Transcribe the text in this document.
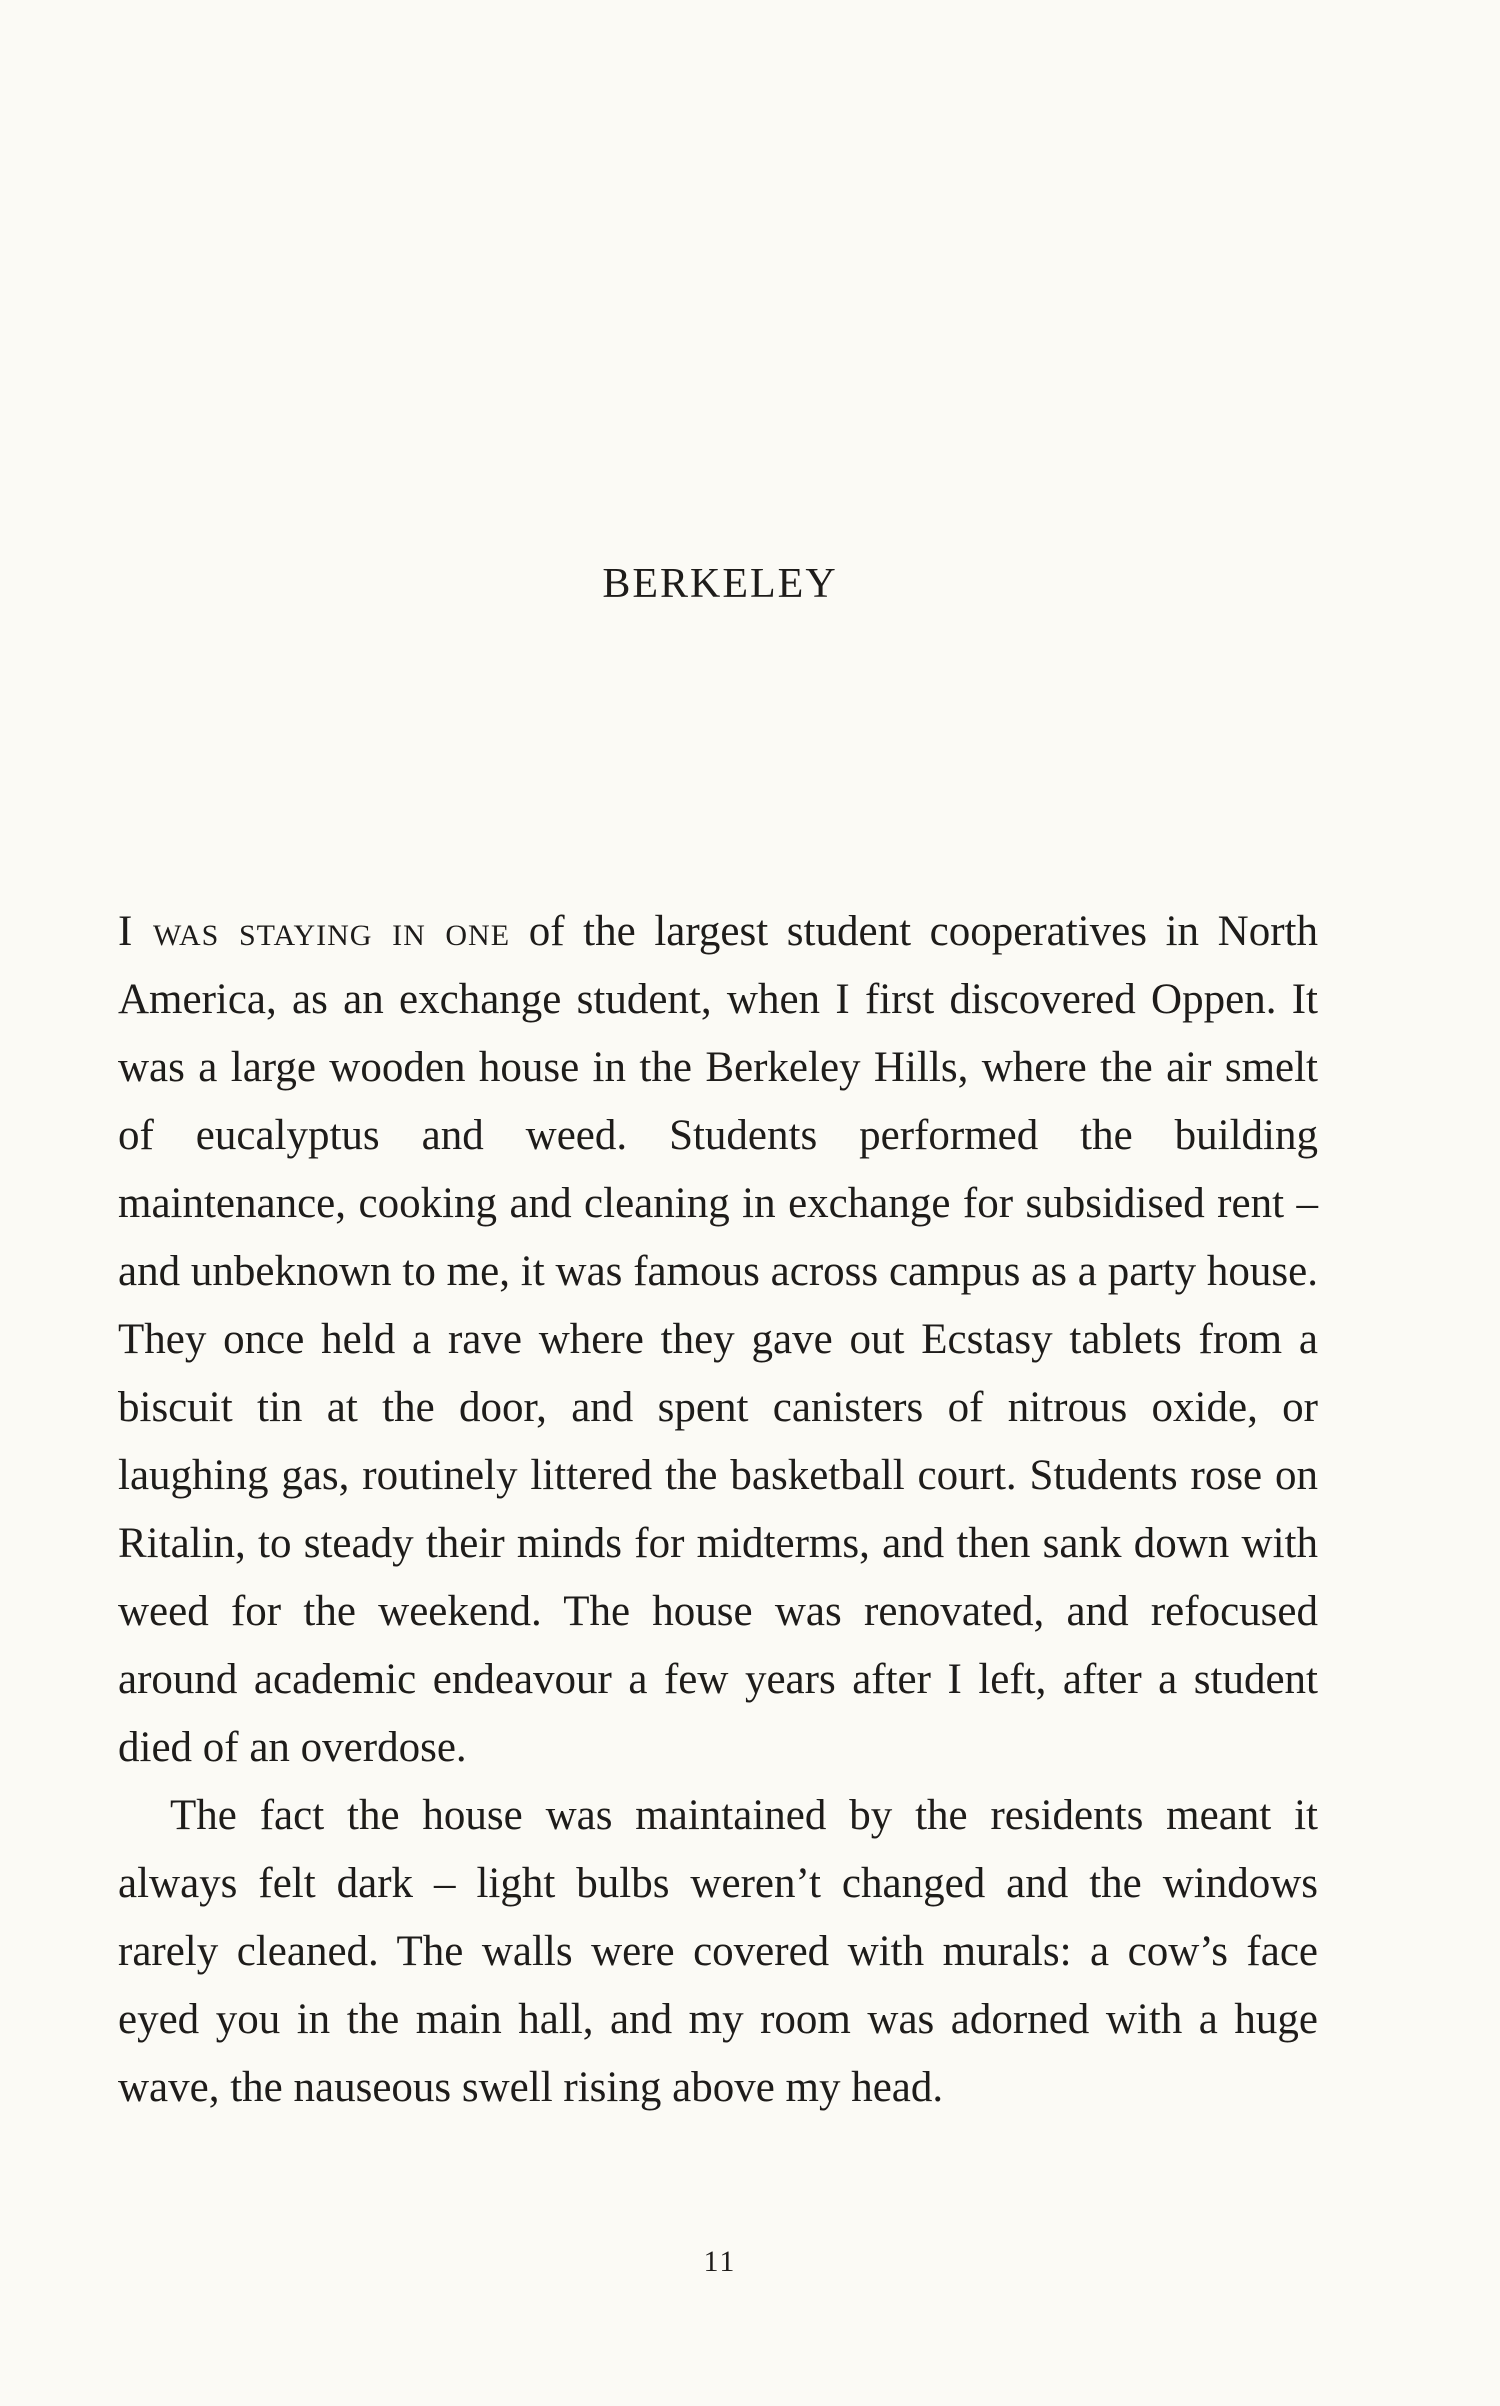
BERKELEY

I was staying in one of the largest student cooperatives in North America, as an exchange student, when I first discovered Oppen. It was a large wooden house in the Berkeley Hills, where the air smelt of eucalyptus and weed. Students performed the building maintenance, cooking and cleaning in exchange for subsidised rent – and unbeknown to me, it was famous across campus as a party house. They once held a rave where they gave out Ecstasy tablets from a biscuit tin at the door, and spent canisters of nitrous oxide, or laughing gas, routinely littered the basketball court. Students rose on Ritalin, to steady their minds for midterms, and then sank down with weed for the weekend. The house was renovated, and refocused around academic endeavour a few years after I left, after a student died of an overdose.

The fact the house was maintained by the residents meant it always felt dark – light bulbs weren’t changed and the windows rarely cleaned. The walls were covered with murals: a cow’s face eyed you in the main hall, and my room was adorned with a huge wave, the nauseous swell rising above my head.

11
